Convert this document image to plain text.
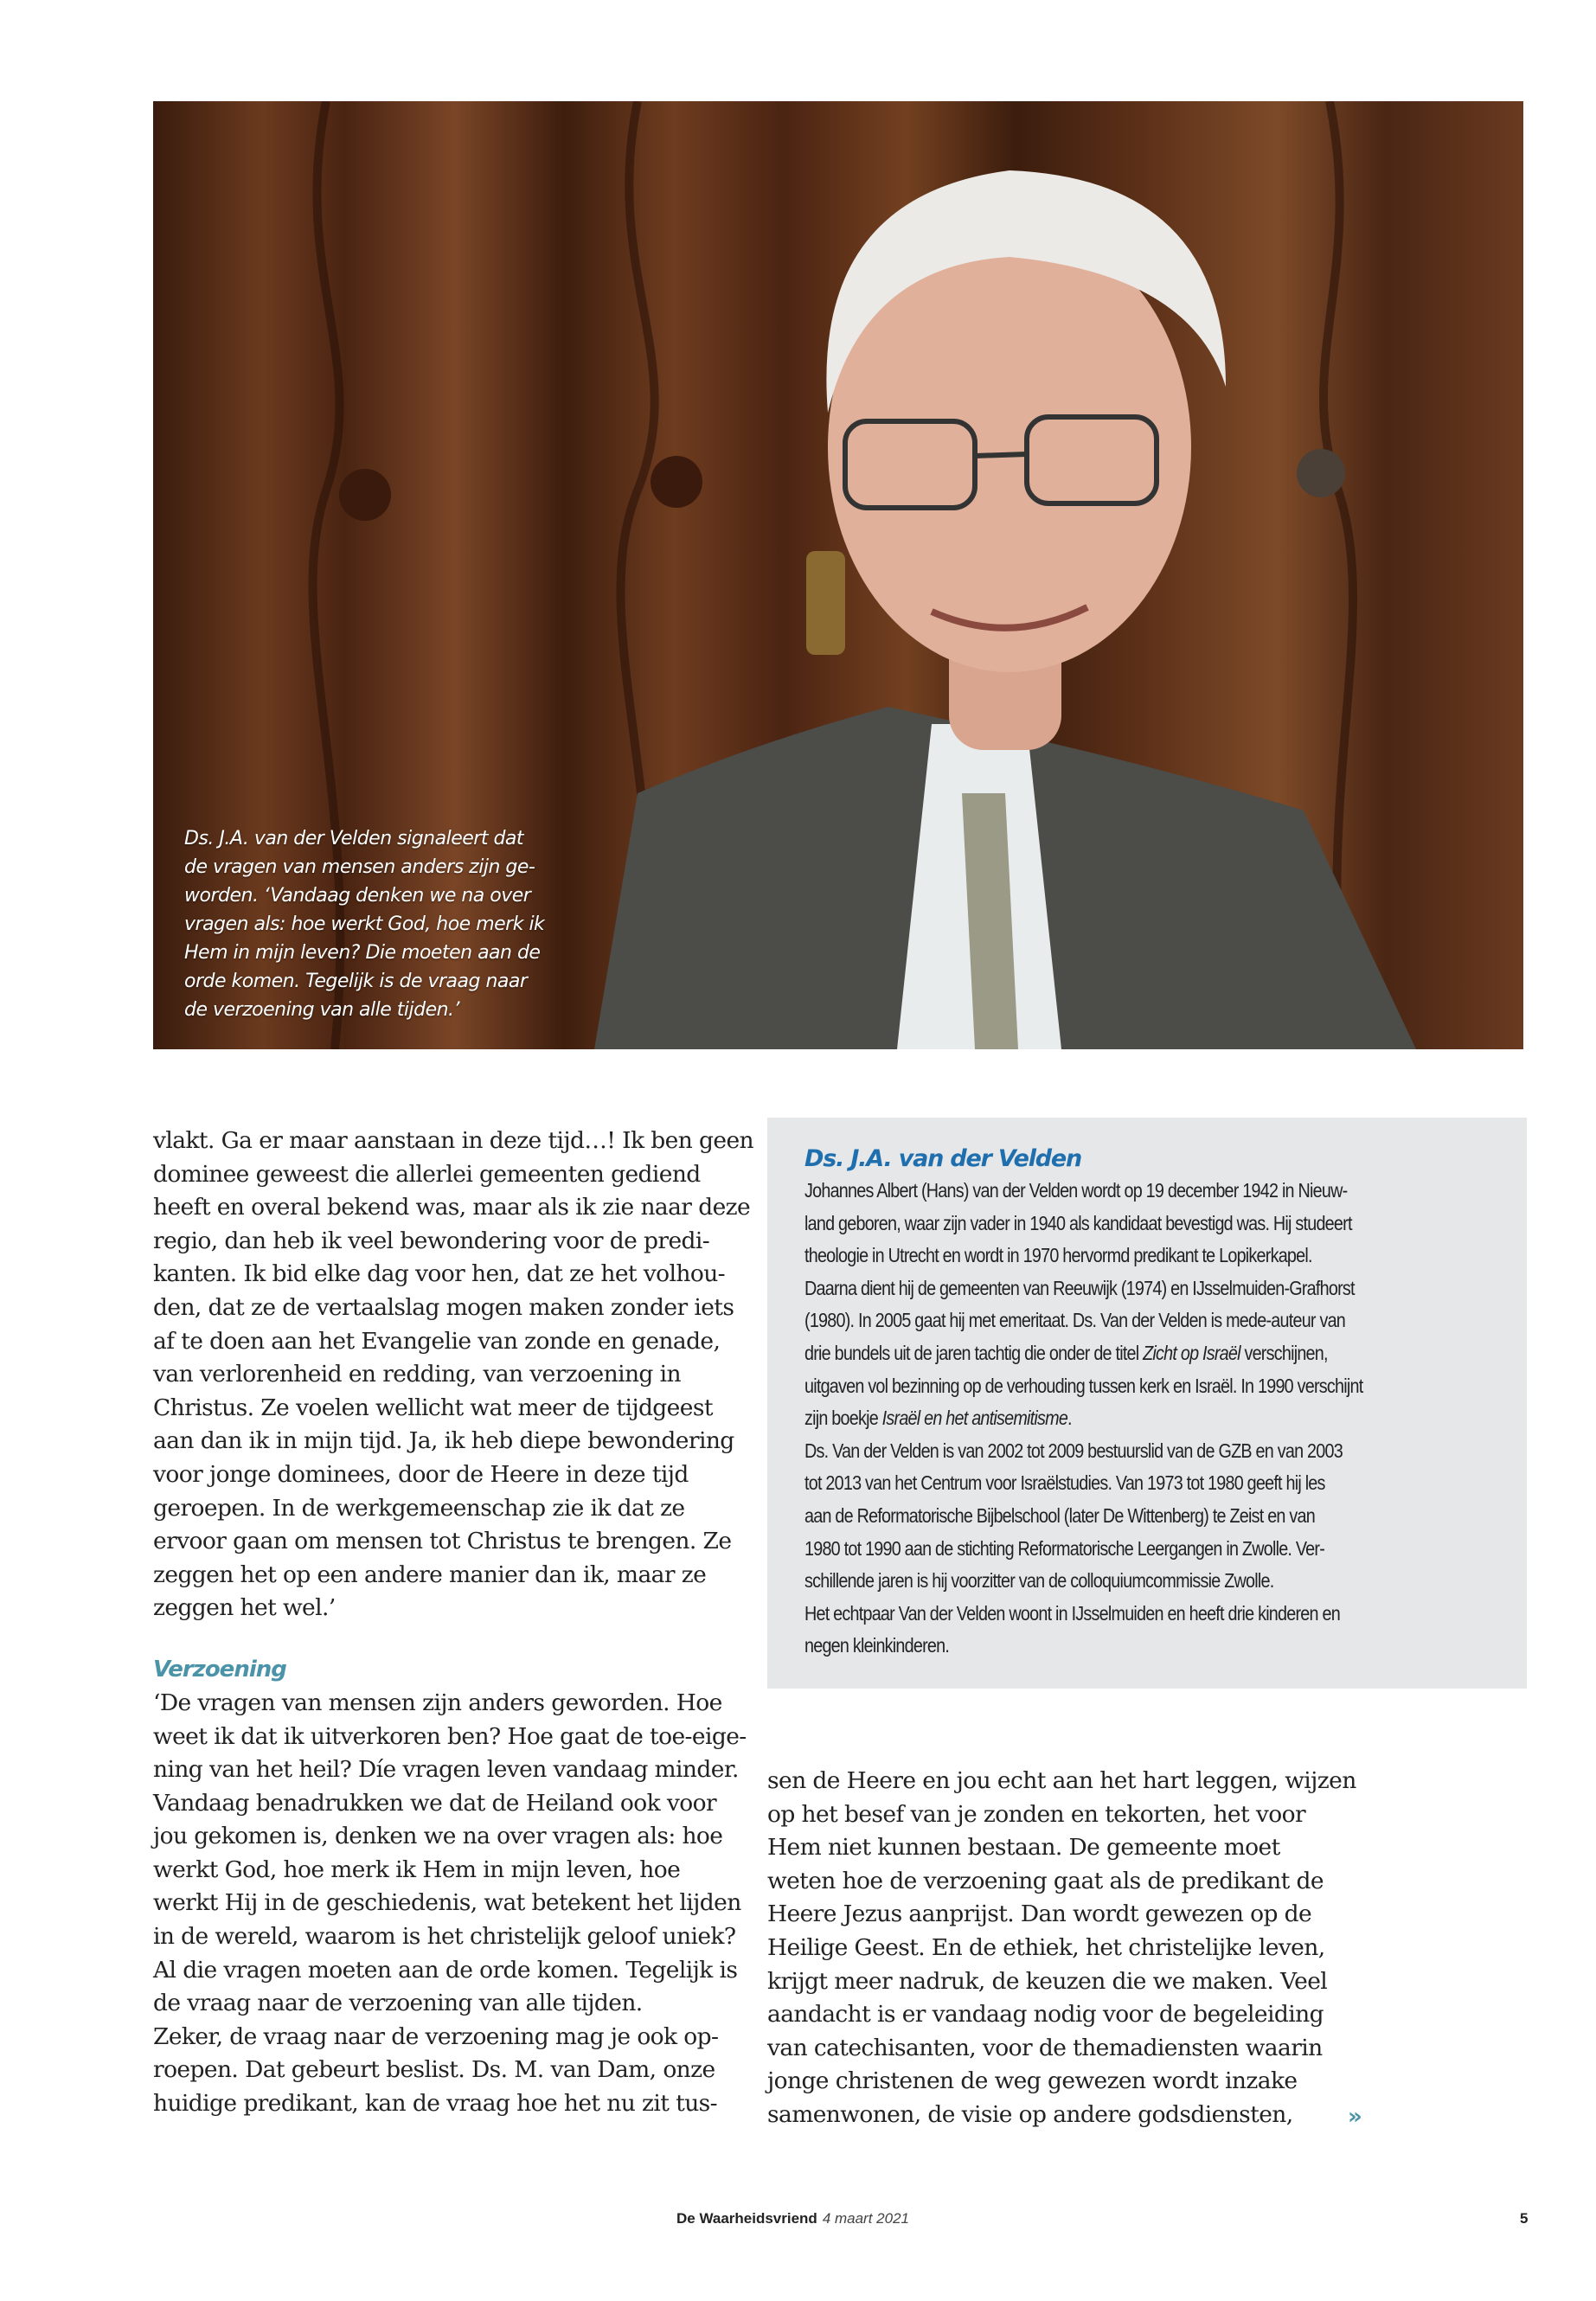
Ds. J.A. van der Velden signaleert dat
de vragen van mensen anders zijn ge-
worden. ‘Vandaag denken we na over
vragen als: hoe werkt God, hoe merk ik
Hem in mijn leven? Die moeten aan de
orde komen. Tegelijk is de vraag naar
de verzoening van alle tijden.’
vlakt. Ga er maar aanstaan in deze tijd…! Ik ben geen
dominee geweest die allerlei gemeenten gediend
heeft en overal bekend was, maar als ik zie naar deze
regio, dan heb ik veel bewondering voor de predi-
kanten. Ik bid elke dag voor hen, dat ze het volhou-
den, dat ze de vertaalslag mogen maken zonder iets
af te doen aan het Evangelie van zonde en genade,
van verlorenheid en redding, van verzoening in
Christus. Ze voelen wellicht wat meer de tijdgeest
aan dan ik in mijn tijd. Ja, ik heb diepe bewondering
voor jonge dominees, door de Heere in deze tijd
geroepen. In de werkgemeenschap zie ik dat ze
ervoor gaan om mensen tot Christus te brengen. Ze
zeggen het op een andere manier dan ik, maar ze
zeggen het wel.’
Verzoening
‘De vragen van mensen zijn anders geworden. Hoe
weet ik dat ik uitverkoren ben? Hoe gaat de toe-eige-
ning van het heil? Díe vragen leven vandaag minder.
Vandaag benadrukken we dat de Heiland ook voor
jou gekomen is, denken we na over vragen als: hoe
werkt God, hoe merk ik Hem in mijn leven, hoe
werkt Hij in de geschiedenis, wat betekent het lijden
in de wereld, waarom is het christelijk geloof uniek?
Al die vragen moeten aan de orde komen. Tegelijk is
de vraag naar de verzoening van alle tijden.
Zeker, de vraag naar de verzoening mag je ook op-
roepen. Dat gebeurt beslist. Ds. M. van Dam, onze
huidige predikant, kan de vraag hoe het nu zit tus-
Ds. J.A. van der Velden
Johannes Albert (Hans) van der Velden wordt op 19 december 1942 in Nieuw-
land geboren, waar zijn vader in 1940 als kandidaat bevestigd was. Hij studeert
theologie in Utrecht en wordt in 1970 hervormd predikant te Lopikerkapel.
Daarna dient hij de gemeenten van Reeuwijk (1974) en IJsselmuiden-Grafhorst
(1980). In 2005 gaat hij met emeritaat. Ds. Van der Velden is mede-auteur van
drie bundels uit de jaren tachtig die onder de titel Zicht op Israël verschijnen,
uitgaven vol bezinning op de verhouding tussen kerk en Israël. In 1990 verschijnt
zijn boekje Israël en het antisemitisme.
Ds. Van der Velden is van 2002 tot 2009 bestuurslid van de GZB en van 2003
tot 2013 van het Centrum voor Israëlstudies. Van 1973 tot 1980 geeft hij les
aan de Reformatorische Bijbelschool (later De Wittenberg) te Zeist en van
1980 tot 1990 aan de stichting Reformatorische Leergangen in Zwolle. Ver-
schillende jaren is hij voorzitter van de colloquiumcommissie Zwolle.
Het echtpaar Van der Velden woont in IJsselmuiden en heeft drie kinderen en
negen kleinkinderen.
sen de Heere en jou echt aan het hart leggen, wijzen
op het besef van je zonden en tekorten, het voor
Hem niet kunnen bestaan. De gemeente moet
weten hoe de verzoening gaat als de predikant de
Heere Jezus aanprijst. Dan wordt gewezen op de
Heilige Geest. En de ethiek, het christelijke leven,
krijgt meer nadruk, de keuzen die we maken. Veel
aandacht is er vandaag nodig voor de begeleiding
van catechisanten, voor de themadiensten waarin
jonge christenen de weg gewezen wordt inzake
samenwonen, de visie op andere godsdiensten,	»
De Waarheidsvriend 4 maart 2021	5
